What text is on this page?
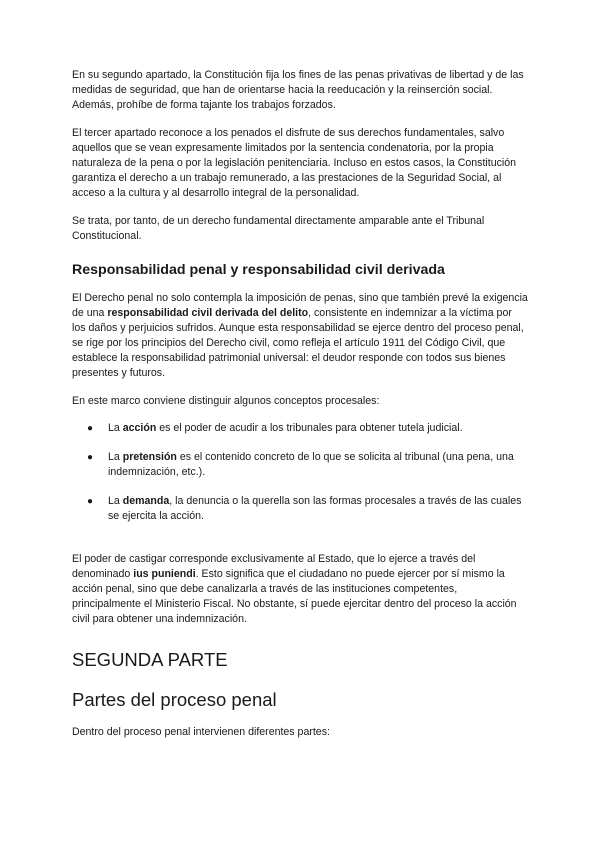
En su segundo apartado, la Constitución fija los fines de las penas privativas de libertad y de las medidas de seguridad, que han de orientarse hacia la reeducación y la reinserción social. Además, prohíbe de forma tajante los trabajos forzados.

El tercer apartado reconoce a los penados el disfrute de sus derechos fundamentales, salvo aquellos que se vean expresamente limitados por la sentencia condenatoria, por la propia naturaleza de la pena o por la legislación penitenciaria. Incluso en estos casos, la Constitución garantiza el derecho a un trabajo remunerado, a las prestaciones de la Seguridad Social, al acceso a la cultura y al desarrollo integral de la personalidad.

Se trata, por tanto, de un derecho fundamental directamente amparable ante el Tribunal Constitucional.

Responsabilidad penal y responsabilidad civil derivada

El Derecho penal no solo contempla la imposición de penas, sino que también prevé la exigencia de una responsabilidad civil derivada del delito, consistente en indemnizar a la víctima por los daños y perjuicios sufridos. Aunque esta responsabilidad se ejerce dentro del proceso penal, se rige por los principios del Derecho civil, como refleja el artículo 1911 del Código Civil, que establece la responsabilidad patrimonial universal: el deudor responde con todos sus bienes presentes y futuros.

En este marco conviene distinguir algunos conceptos procesales:

● La acción es el poder de acudir a los tribunales para obtener tutela judicial.
● La pretensión es el contenido concreto de lo que se solicita al tribunal (una pena, una indemnización, etc.).
● La demanda, la denuncia o la querella son las formas procesales a través de las cuales se ejercita la acción.

El poder de castigar corresponde exclusivamente al Estado, que lo ejerce a través del denominado ius puniendi. Esto significa que el ciudadano no puede ejercer por sí mismo la acción penal, sino que debe canalizarla a través de las instituciones competentes, principalmente el Ministerio Fiscal. No obstante, sí puede ejercitar dentro del proceso la acción civil para obtener una indemnización.

SEGUNDA PARTE
Partes del proceso penal

Dentro del proceso penal intervienen diferentes partes:
